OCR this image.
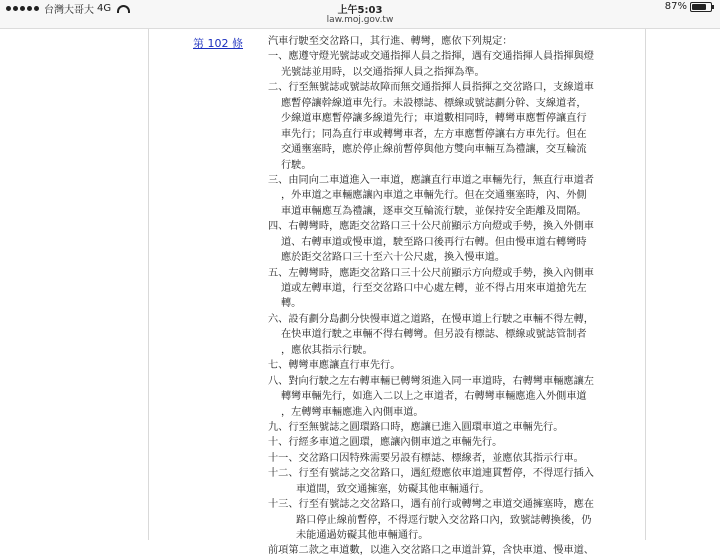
台灣大哥大 4G	上午5:03	87%
law.moj.gov.tw
第 102 條 汽車行駛至交岔路口，其行進、轉彎，應依下列規定：
一、應遵守燈光號誌或交通指揮人員之指揮，遇有交通指揮人員指揮與燈
光號誌並用時，以交通指揮人員之指揮為準。
二、行至無號誌或號誌故障而無交通指揮人員指揮之交岔路口，支線道車
應暫停讓幹線道車先行。未設標誌、標線或號誌劃分幹、支線道者，
少線道車應暫停讓多線道先行；車道數相同時，轉彎車應暫停讓直行
車先行；同為直行車或轉彎車者，左方車應暫停讓右方車先行。但在
交通壅塞時，應於停止線前暫停與他方雙向車輛互為禮讓，交互輪流
行駛。
三、由同向二車道進入一車道，應讓直行車道之車輛先行，無直行車道者
，外車道之車輛應讓內車道之車輛先行。但在交通壅塞時，內、外側
車道車輛應互為禮讓，逐車交互輪流行駛，並保持安全距離及間隔。
四、右轉彎時，應距交岔路口三十公尺前顯示方向燈或手勢，換入外側車
道、右轉車道或慢車道，駛至路口後再行右轉。但由慢車道右轉彎時
應於距交岔路口三十至六十公尺處，換入慢車道。
五、左轉彎時，應距交岔路口三十公尺前顯示方向燈或手勢，換入內側車
道或左轉車道，行至交岔路口中心處左轉，並不得占用來車道搶先左
轉。
六、設有劃分島劃分快慢車道之道路，在慢車道上行駛之車輛不得左轉，
在快車道行駛之車輛不得右轉彎。但另設有標誌、標線或號誌管制者
，應依其指示行駛。
七、轉彎車應讓直行車先行。
八、對向行駛之左右轉車輛已轉彎須進入同一車道時，右轉彎車輛應讓左
轉彎車輛先行，如進入二以上之車道者，右轉彎車輛應進入外側車道
，左轉彎車輛應進入內側車道。
九、行至無號誌之圓環路口時，應讓已進入圓環車道之車輛先行。
十、行經多車道之圓環，應讓內側車道之車輛先行。
十一、交岔路口因特殊需要另設有標誌、標線者，並應依其指示行車。
十二、行至有號誌之交岔路口，遇紅燈應依車道連貫暫停，不得逕行插入
車道間，致交通擁塞，妨礙其他車輛通行。
十三、行至有號誌之交岔路口，遇有前行或轉彎之車道交通擁塞時，應在
路口停止線前暫停，不得逕行駛入交岔路口內，致號誌轉換後，仍
未能通過妨礙其他車輛通行。
前項第二款之車道數，以進入交岔路口之車道計算，含快車道、慢車道、
